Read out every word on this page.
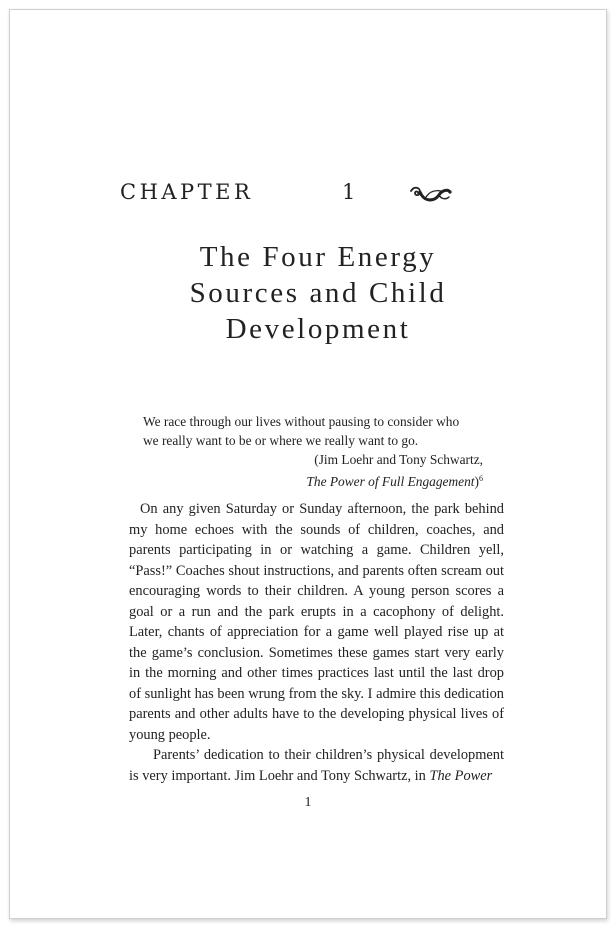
CHAPTER	1
The Four Energy
Sources and Child
Development
We race through our lives without pausing to consider who
we really want to be or where we really want to go.
(Jim Loehr and Tony Schwartz,
The Power of Full Engagement)$^6$

On any given Saturday or Sunday afternoon, the park behind my home echoes with the sounds of children, coaches, and parents participating in or watching a game. Children yell, “Pass!” Coaches shout instructions, and parents often scream out encouraging words to their children. A young person scores a goal or a run and the park erupts in a cacophony of delight. Later, chants of appreciation for a game well played rise up at the game’s conclusion. Sometimes these games start very early in the morning and other times practices last until the last drop of sunlight has been wrung from the sky. I admire this dedication parents and other adults have to the developing physical lives of young people.

Parents’ dedication to their children’s physical development is very important. Jim Loehr and Tony Schwartz, in The Power

1
